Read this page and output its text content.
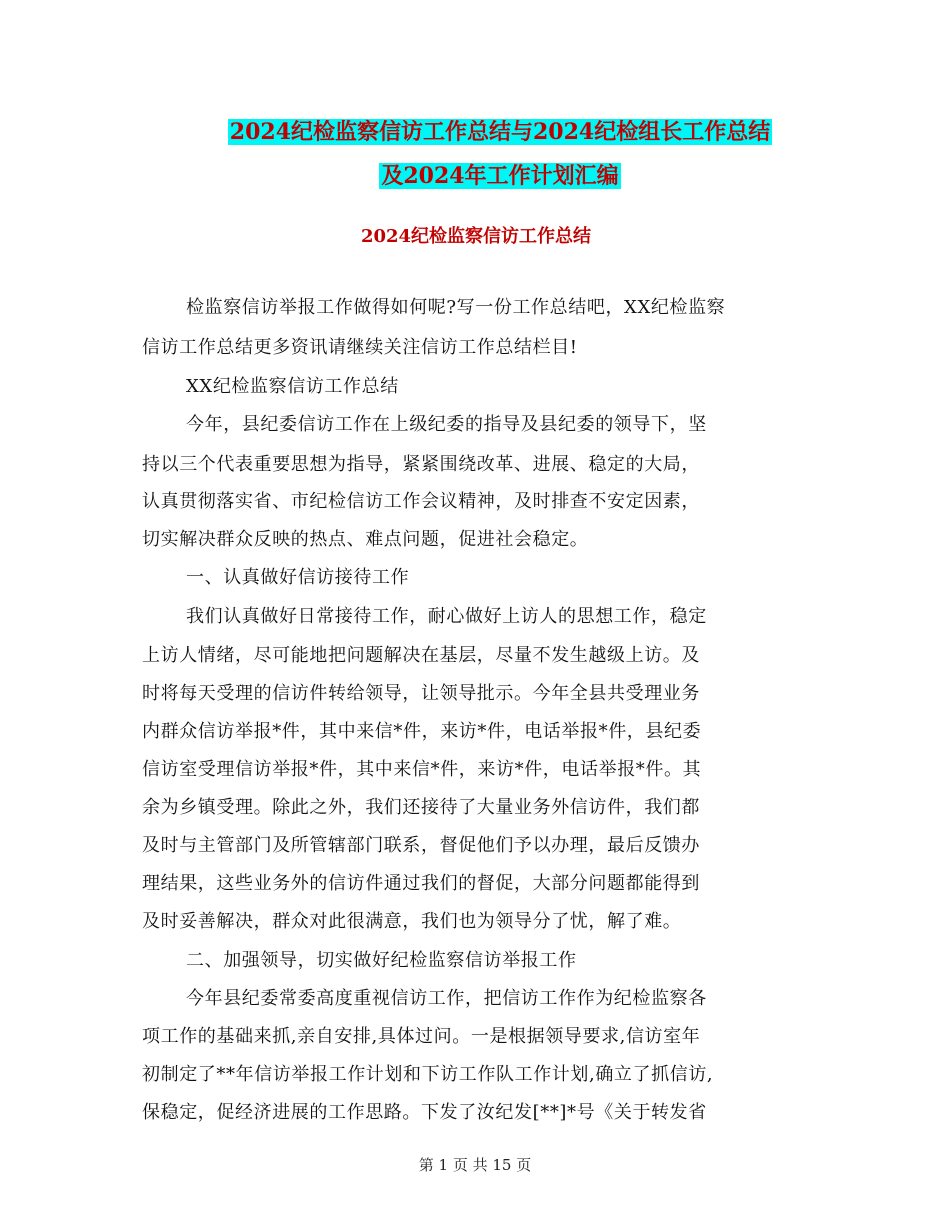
2024纪检监察信访工作总结与2024纪检组长工作总结
及2024年工作计划汇编
2024纪检监察信访工作总结
检监察信访举报工作做得如何呢?写一份工作总结吧，XX纪检监察
信访工作总结更多资讯请继续关注信访工作总结栏目!
XX纪检监察信访工作总结
今年，县纪委信访工作在上级纪委的指导及县纪委的领导下，坚
持以三个代表重要思想为指导，紧紧围绕改革、进展、稳定的大局，
认真贯彻落实省、市纪检信访工作会议精神，及时排查不安定因素，
切实解决群众反映的热点、难点问题，促进社会稳定。
一、认真做好信访接待工作
我们认真做好日常接待工作，耐心做好上访人的思想工作，稳定
上访人情绪，尽可能地把问题解决在基层，尽量不发生越级上访。及
时将每天受理的信访件转给领导，让领导批示。今年全县共受理业务
内群众信访举报*件，其中来信*件，来访*件，电话举报*件，县纪委
信访室受理信访举报*件，其中来信*件，来访*件，电话举报*件。其
余为乡镇受理。除此之外，我们还接待了大量业务外信访件，我们都
及时与主管部门及所管辖部门联系，督促他们予以办理，最后反馈办
理结果，这些业务外的信访件通过我们的督促，大部分问题都能得到
及时妥善解决，群众对此很满意，我们也为领导分了忧，解了难。
二、加强领导，切实做好纪检监察信访举报工作
今年县纪委常委高度重视信访工作，把信访工作作为纪检监察各
项工作的基础来抓,亲自安排,具体过问。一是根据领导要求,信访室年
初制定了**年信访举报工作计划和下访工作队工作计划,确立了抓信访,
保稳定，促经济进展的工作思路。下发了汝纪发[**]*号《关于转发省
第 1 页 共 15 页
